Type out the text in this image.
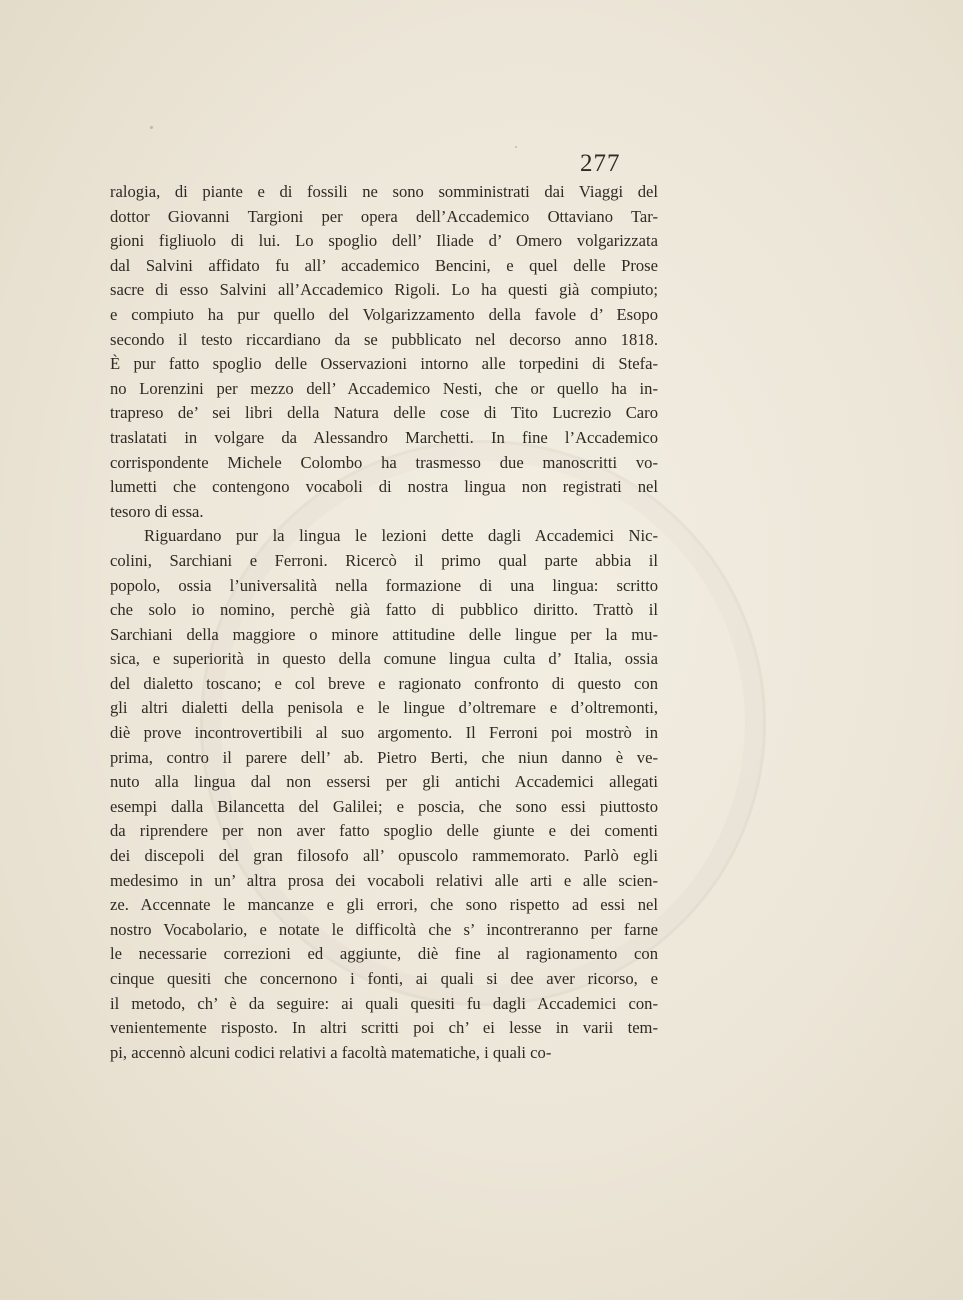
277
ralogia, di piante e di fossili ne sono somministrati dai Viaggi del
dottor Giovanni Targioni per opera dell’Accademico Ottaviano Tar-
gioni figliuolo di lui. Lo spoglio dell’ Iliade d’ Omero volgarizzata
dal Salvini affidato fu all’ accademico Bencini, e quel delle Prose
sacre di esso Salvini all’Accademico Rigoli. Lo ha questi già compiuto;
e compiuto ha pur quello del Volgarizzamento della favole d’ Esopo
secondo il testo riccardiano da se pubblicato nel decorso anno 1818.
È pur fatto spoglio delle Osservazioni intorno alle torpedini di Stefa-
no Lorenzini per mezzo dell’ Accademico Nesti, che or quello ha in-
trapreso de’ sei libri della Natura delle cose di Tito Lucrezio Caro
traslatati in volgare da Alessandro Marchetti. In fine l’Accademico
corrispondente Michele Colombo ha trasmesso due manoscritti vo-
lumetti che contengono vocaboli di nostra lingua non registrati nel
tesoro di essa.
Riguardano pur la lingua le lezioni dette dagli Accademici Nic-
colini, Sarchiani e Ferroni. Ricercò il primo qual parte abbia il
popolo, ossia l’universalità nella formazione di una lingua: scritto
che solo io nomino, perchè già fatto di pubblico diritto. Trattò il
Sarchiani della maggiore o minore attitudine delle lingue per la mu-
sica, e superiorità in questo della comune lingua culta d’ Italia, ossia
del dialetto toscano; e col breve e ragionato confronto di questo con
gli altri dialetti della penisola e le lingue d’oltremare e d’oltremonti,
diè prove incontrovertibili al suo argomento. Il Ferroni poi mostrò in
prima, contro il parere dell’ ab. Pietro Berti, che niun danno è ve-
nuto alla lingua dal non essersi per gli antichi Accademici allegati
esempi dalla Bilancetta del Galilei; e poscia, che sono essi piuttosto
da riprendere per non aver fatto spoglio delle giunte e dei comenti
dei discepoli del gran filosofo all’ opuscolo rammemorato. Parlò egli
medesimo in un’ altra prosa dei vocaboli relativi alle arti e alle scien-
ze. Accennate le mancanze e gli errori, che sono rispetto ad essi nel
nostro Vocabolario, e notate le difficoltà che s’ incontreranno per farne
le necessarie correzioni ed aggiunte, diè fine al ragionamento con
cinque quesiti che concernono i fonti, ai quali si dee aver ricorso, e
il metodo, ch’ è da seguire: ai quali quesiti fu dagli Accademici con-
venientemente risposto. In altri scritti poi ch’ ei lesse in varii tem-
pi, accennò alcuni codici relativi a facoltà matematiche, i quali co-
